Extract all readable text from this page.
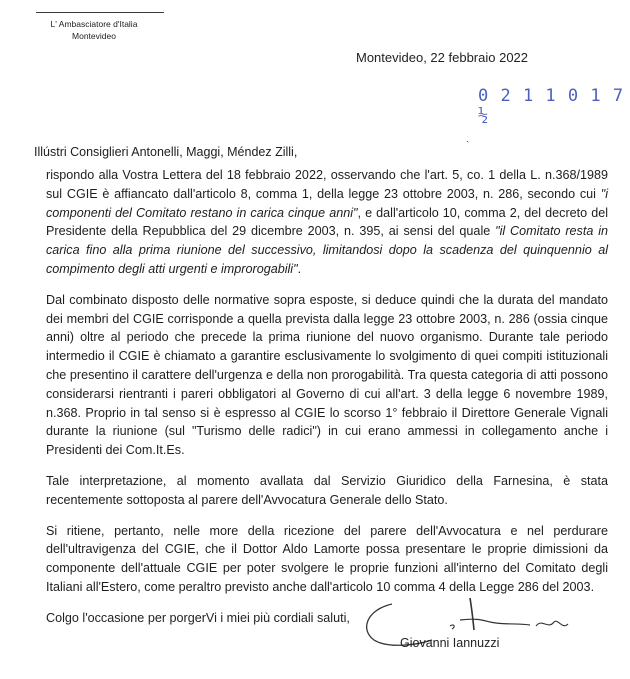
L' Ambasciatore d'Italia
Montevideo
Montevideo, 22 febbraio 2022
0 2 1 1 0 1 7 ½
˴
Illústri Consiglieri Antonelli, Maggi, Méndez Zilli,

rispondo alla Vostra Lettera del 18 febbraio 2022, osservando che l'art. 5, co. 1 della L. n.368/1989 sul CGIE è affiancato dall'articolo 8, comma 1, della legge 23 ottobre 2003, n. 286, secondo cui "i componenti del Comitato restano in carica cinque anni", e dall'articolo 10, comma 2, del decreto del Presidente della Repubblica del 29 dicembre 2003, n. 395, ai sensi del quale "il Comitato resta in carica fino alla prima riunione del successivo, limitandosi dopo la scadenza del quinquennio al compimento degli atti urgenti e improrogabili".

Dal combinato disposto delle normative sopra esposte, si deduce quindi che la durata del mandato dei membri del CGIE corrisponde a quella prevista dalla legge 23 ottobre 2003, n. 286 (ossia cinque anni) oltre al periodo che precede la prima riunione del nuovo organismo. Durante tale periodo intermedio il CGIE è chiamato a garantire esclusivamente lo svolgimento di quei compiti istituzionali che presentino il carattere dell'urgenza e della non prorogabilità. Tra questa categoria di atti possono considerarsi rientranti i pareri obbligatori al Governo di cui all'art. 3 della legge 6 novembre 1989, n.368. Proprio in tal senso si è espresso al CGIE lo scorso 1° febbraio il Direttore Generale Vignali durante la riunione (sul "Turismo delle radici") in cui erano ammessi in collegamento anche i Presidenti dei Com.It.Es.

Tale interpretazione, al momento avallata dal Servizio Giuridico della Farnesina, è stata recentemente sottoposta al parere dell'Avvocatura Generale dello Stato.

Si ritiene, pertanto, nelle more della ricezione del parere dell'Avvocatura e nel perdurare dell'ultravigenza del CGIE, che il Dottor Aldo Lamorte possa presentare le proprie dimissioni da componente dell'attuale CGIE per poter svolgere le proprie funzioni all'interno del Comitato degli Italiani all'Estero, come peraltro previsto anche dall'articolo 10 comma 4 della Legge 286 del 2003.

Colgo l'occasione per porgerVi i miei più cordiali saluti,

Giovanni Iannuzzi
